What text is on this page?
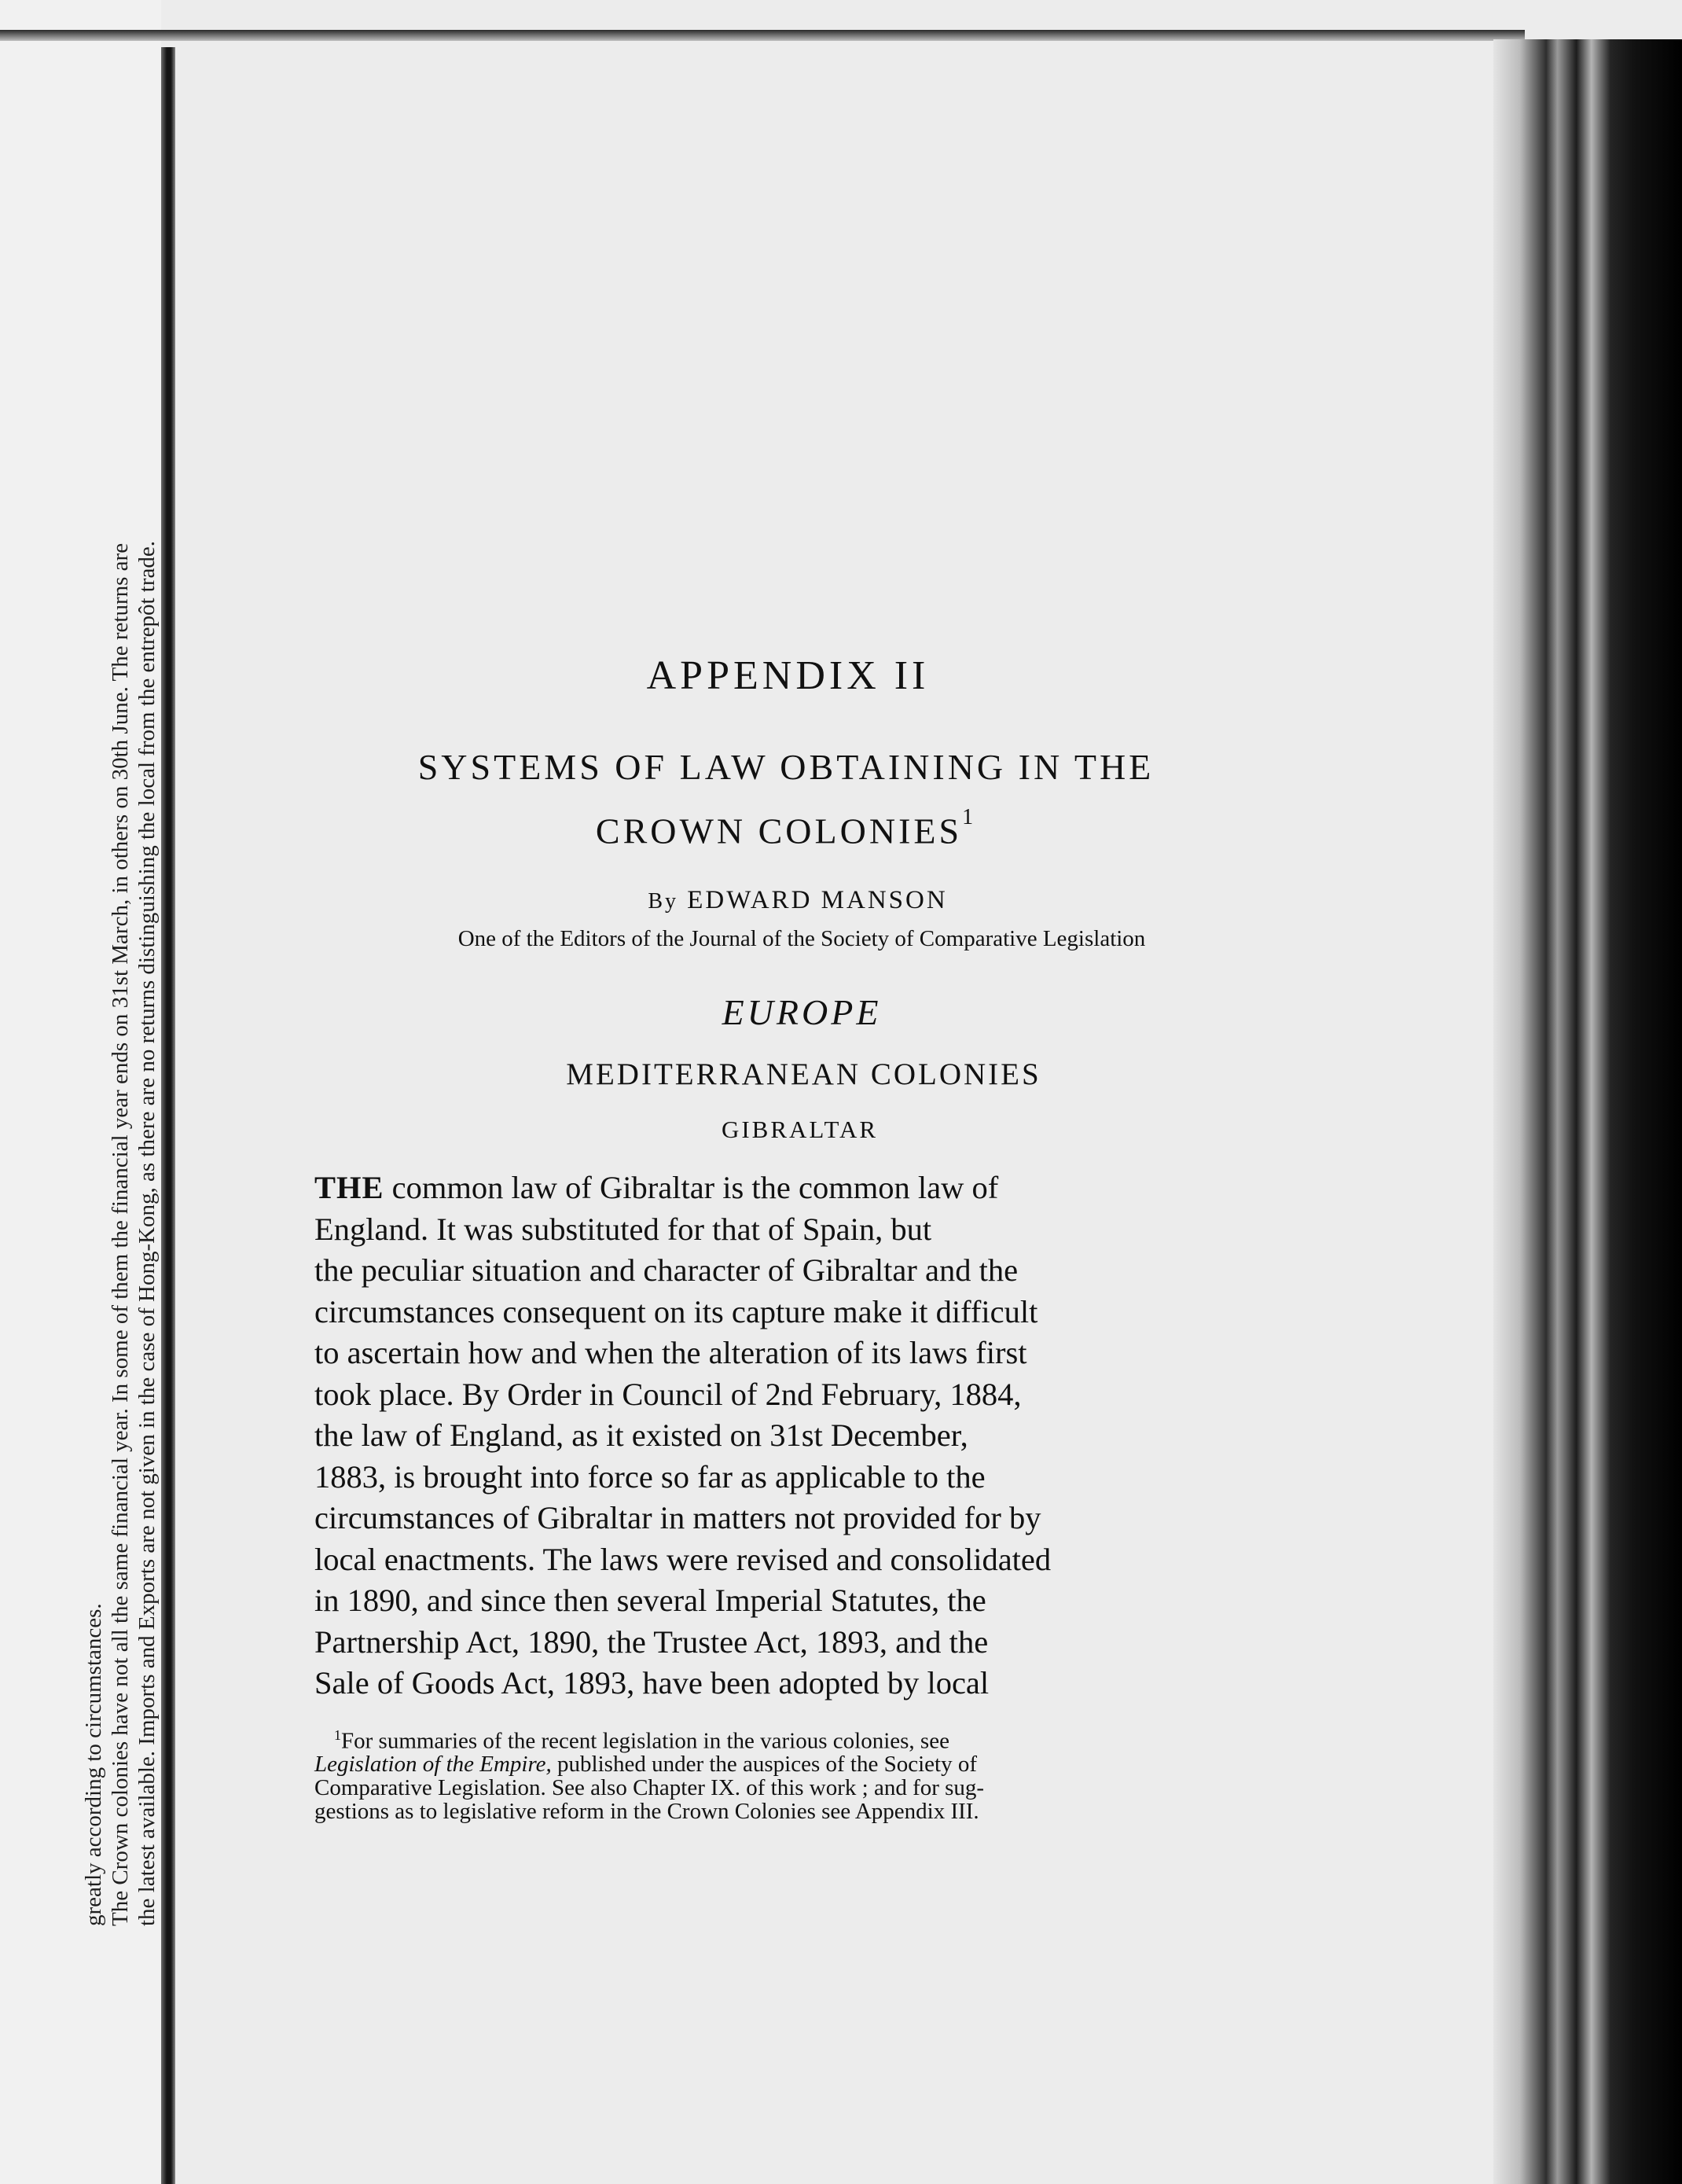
greatly according to circumstances. The Crown colonies have not all the same financial year. In some of them the financial year ends on 31st March, in others on 30th June. The returns are the latest available. Imports and Exports are not given in the case of Hong-Kong, as there are no returns distinguishing the local from the entrepôt trade.	APPENDIX II
SYSTEMS OF LAW OBTAINING IN THE
CROWN COLONIES$^1$
By EDWARD MANSON
One of the Editors of the Journal of the Society of Comparative Legislation
EUROPE
MEDITERRANEAN COLONIES
GIBRALTAR
THE common law of Gibraltar is the common law of
England. It was substituted for that of Spain, but
the peculiar situation and character of Gibraltar and the
circumstances consequent on its capture make it difficult
to ascertain how and when the alteration of its laws first
took place. By Order in Council of 2nd February, 1884,
the law of England, as it existed on 31st December,
1883, is brought into force so far as applicable to the
circumstances of Gibraltar in matters not provided for by
local enactments. The laws were revised and consolidated
in 1890, and since then several Imperial Statutes, the
Partnership Act, 1890, the Trustee Act, 1893, and the
Sale of Goods Act, 1893, have been adopted by local
$^1$For summaries of the recent legislation in the various colonies, see
Legislation of the Empire, published under the auspices of the Society of
Comparative Legislation. See also Chapter IX. of this work ; and for sug-
gestions as to legislative reform in the Crown Colonies see Appendix III.
